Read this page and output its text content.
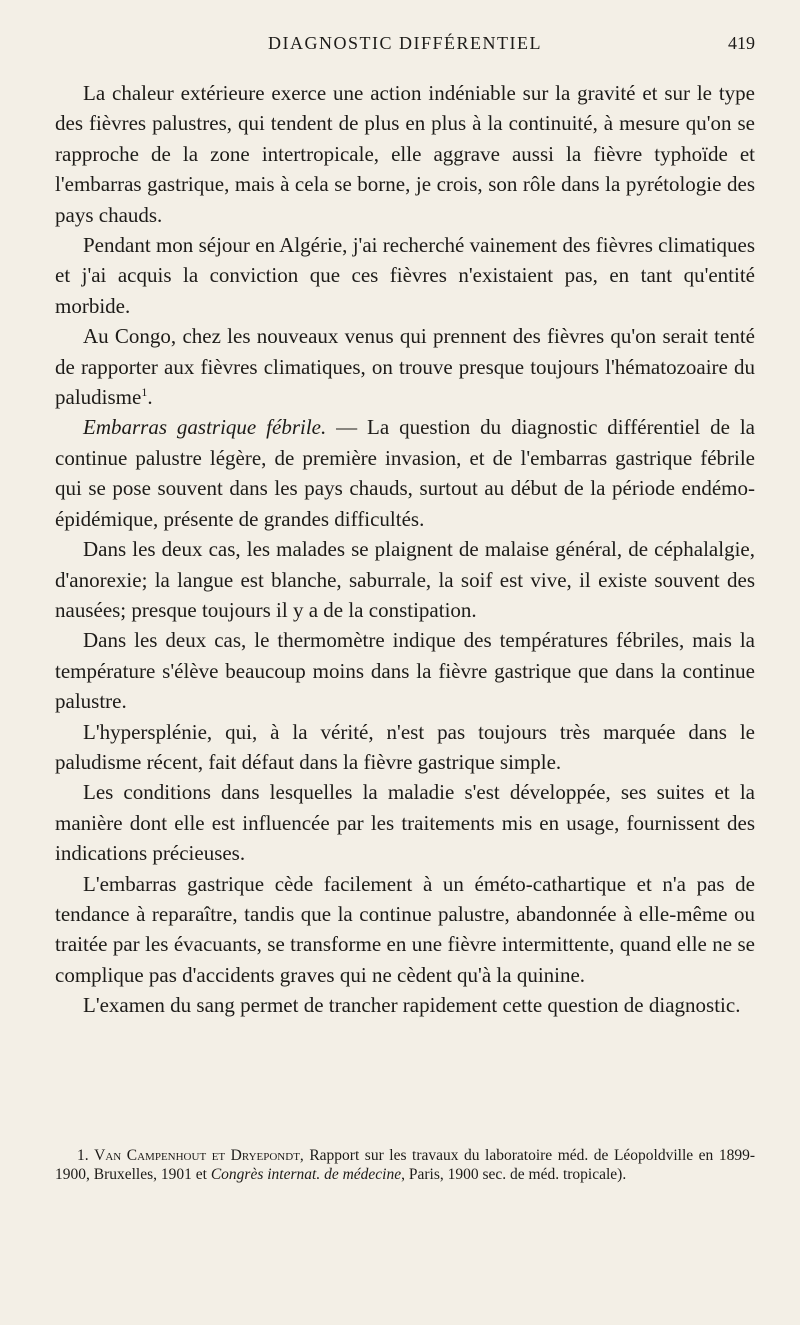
DIAGNOSTIC DIFFÉRENTIEL	419

La chaleur extérieure exerce une action indéniable sur la gravité et sur le type des fièvres palustres, qui tendent de plus en plus à la continuité, à mesure qu'on se rapproche de la zone intertropicale, elle aggrave aussi la fièvre typhoïde et l'embarras gastrique, mais à cela se borne, je crois, son rôle dans la pyrétologie des pays chauds.

Pendant mon séjour en Algérie, j'ai recherché vainement des fièvres climatiques et j'ai acquis la conviction que ces fièvres n'existaient pas, en tant qu'entité morbide.

Au Congo, chez les nouveaux venus qui prennent des fièvres qu'on serait tenté de rapporter aux fièvres climatiques, on trouve presque toujours l'hématozoaire du paludisme$^1$.

Embarras gastrique fébrile. — La question du diagnostic différentiel de la continue palustre légère, de première invasion, et de l'embarras gastrique fébrile qui se pose souvent dans les pays chauds, surtout au début de la période endémo-épidémique, présente de grandes difficultés.

Dans les deux cas, les malades se plaignent de malaise général, de céphalalgie, d'anorexie; la langue est blanche, saburrale, la soif est vive, il existe souvent des nausées; presque toujours il y a de la constipation.

Dans les deux cas, le thermomètre indique des températures fébriles, mais la température s'élève beaucoup moins dans la fièvre gastrique que dans la continue palustre.

L'hypersplénie, qui, à la vérité, n'est pas toujours très marquée dans le paludisme récent, fait défaut dans la fièvre gastrique simple.

Les conditions dans lesquelles la maladie s'est développée, ses suites et la manière dont elle est influencée par les traitements mis en usage, fournissent des indications précieuses.

L'embarras gastrique cède facilement à un éméto-cathartique et n'a pas de tendance à reparaître, tandis que la continue palustre, abandonnée à elle-même ou traitée par les évacuants, se transforme en une fièvre intermittente, quand elle ne se complique pas d'accidents graves qui ne cèdent qu'à la quinine.

L'examen du sang permet de trancher rapidement cette question de diagnostic.

1. Van Campenhout et Dryepondt, Rapport sur les travaux du laboratoire méd. de Léopoldville en 1899-1900, Bruxelles, 1901 et Congrès internat. de médecine, Paris, 1900 sec. de méd. tropicale).
